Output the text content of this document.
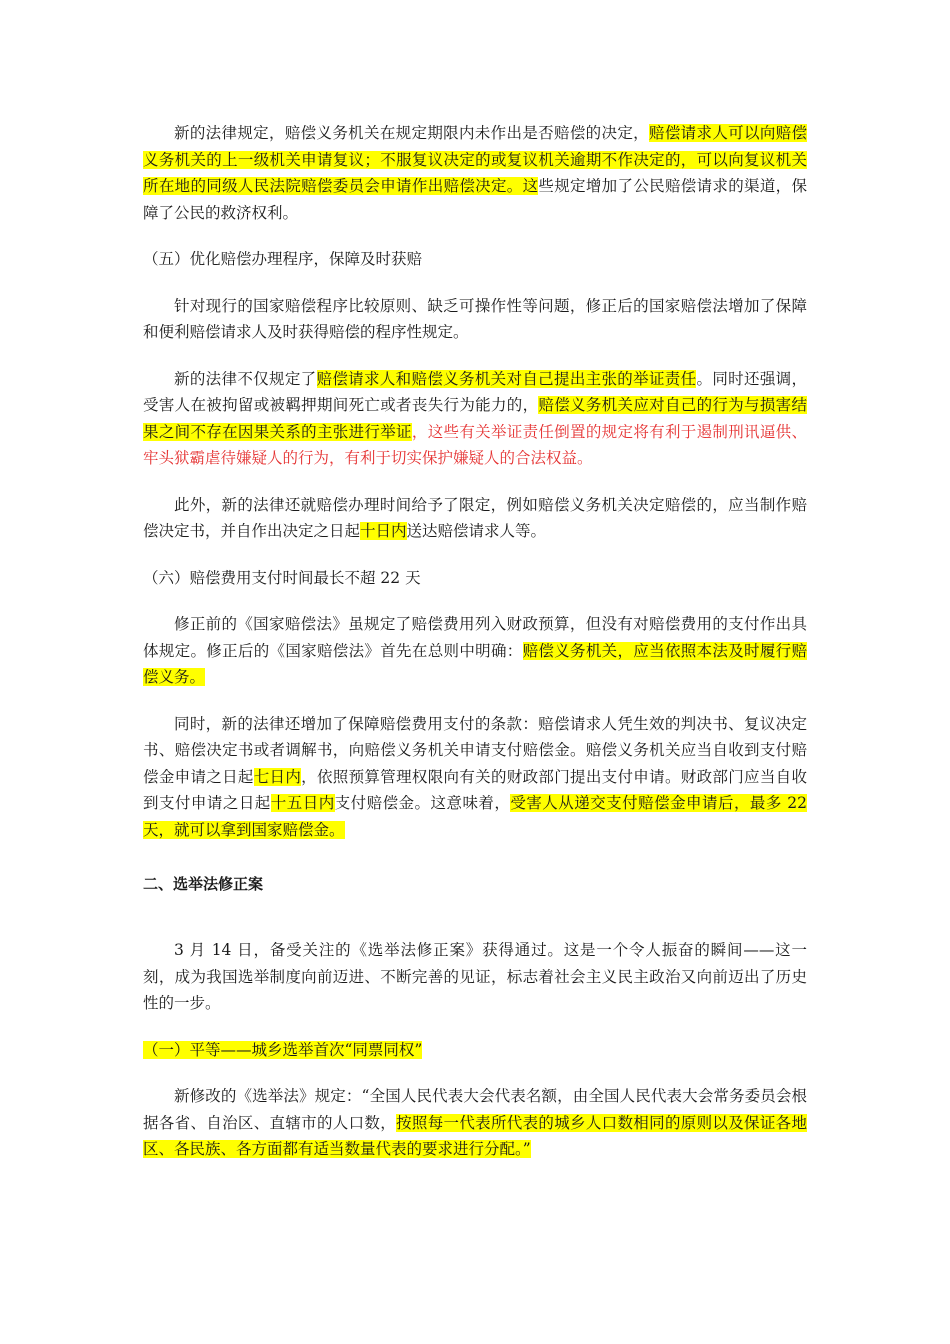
新的法律规定，赔偿义务机关在规定期限内未作出是否赔偿的决定，赔偿请求人可以向赔偿义务机关的上一级机关申请复议；不服复议决定的或复议机关逾期不作决定的，可以向复议机关所在地的同级人民法院赔偿委员会申请作出赔偿决定。这些规定增加了公民赔偿请求的渠道，保障了公民的救济权利。

（五）优化赔偿办理程序，保障及时获赔

针对现行的国家赔偿程序比较原则、缺乏可操作性等问题，修正后的国家赔偿法增加了保障和便利赔偿请求人及时获得赔偿的程序性规定。

新的法律不仅规定了赔偿请求人和赔偿义务机关对自己提出主张的举证责任。同时还强调，受害人在被拘留或被羁押期间死亡或者丧失行为能力的，赔偿义务机关应对自己的行为与损害结果之间不存在因果关系的主张进行举证，这些有关举证责任倒置的规定将有利于遏制刑讯逼供、牢头狱霸虐待嫌疑人的行为，有利于切实保护嫌疑人的合法权益。

此外，新的法律还就赔偿办理时间给予了限定，例如赔偿义务机关决定赔偿的，应当制作赔偿决定书，并自作出决定之日起十日内送达赔偿请求人等。

（六）赔偿费用支付时间最长不超 22 天

修正前的《国家赔偿法》虽规定了赔偿费用列入财政预算，但没有对赔偿费用的支付作出具体规定。修正后的《国家赔偿法》首先在总则中明确：赔偿义务机关，应当依照本法及时履行赔偿义务。

同时，新的法律还增加了保障赔偿费用支付的条款：赔偿请求人凭生效的判决书、复议决定书、赔偿决定书或者调解书，向赔偿义务机关申请支付赔偿金。赔偿义务机关应当自收到支付赔偿金申请之日起七日内，依照预算管理权限向有关的财政部门提出支付申请。财政部门应当自收到支付申请之日起十五日内支付赔偿金。这意味着，受害人从递交支付赔偿金申请后，最多 22 天，就可以拿到国家赔偿金。

二、选举法修正案

3 月 14 日，备受关注的《选举法修正案》获得通过。这是一个令人振奋的瞬间——这一刻，成为我国选举制度向前迈进、不断完善的见证，标志着社会主义民主政治又向前迈出了历史性的一步。

（一）平等——城乡选举首次“同票同权”

新修改的《选举法》规定：“全国人民代表大会代表名额，由全国人民代表大会常务委员会根据各省、自治区、直辖市的人口数，按照每一代表所代表的城乡人口数相同的原则以及保证各地区、各民族、各方面都有适当数量代表的要求进行分配。”
